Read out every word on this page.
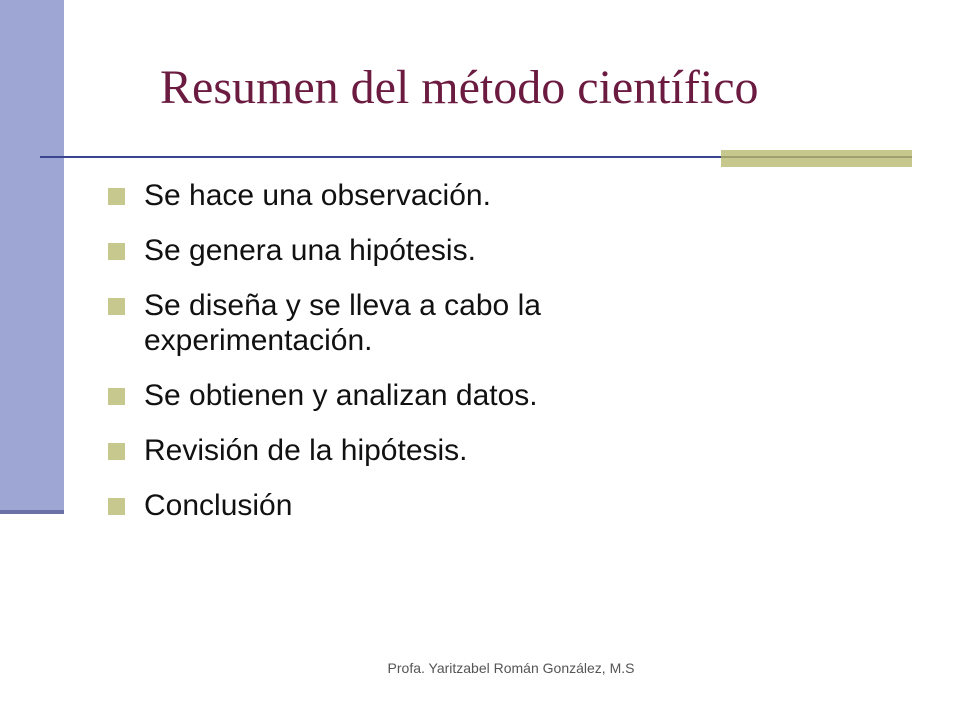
Resumen del método científico
Se hace una observación.
Se genera una hipótesis.
Se diseña y se lleva a cabo la experimentación.
Se obtienen y analizan datos.
Revisión de la hipótesis.
Conclusión
Profa. Yaritzabel Román González, M.S
